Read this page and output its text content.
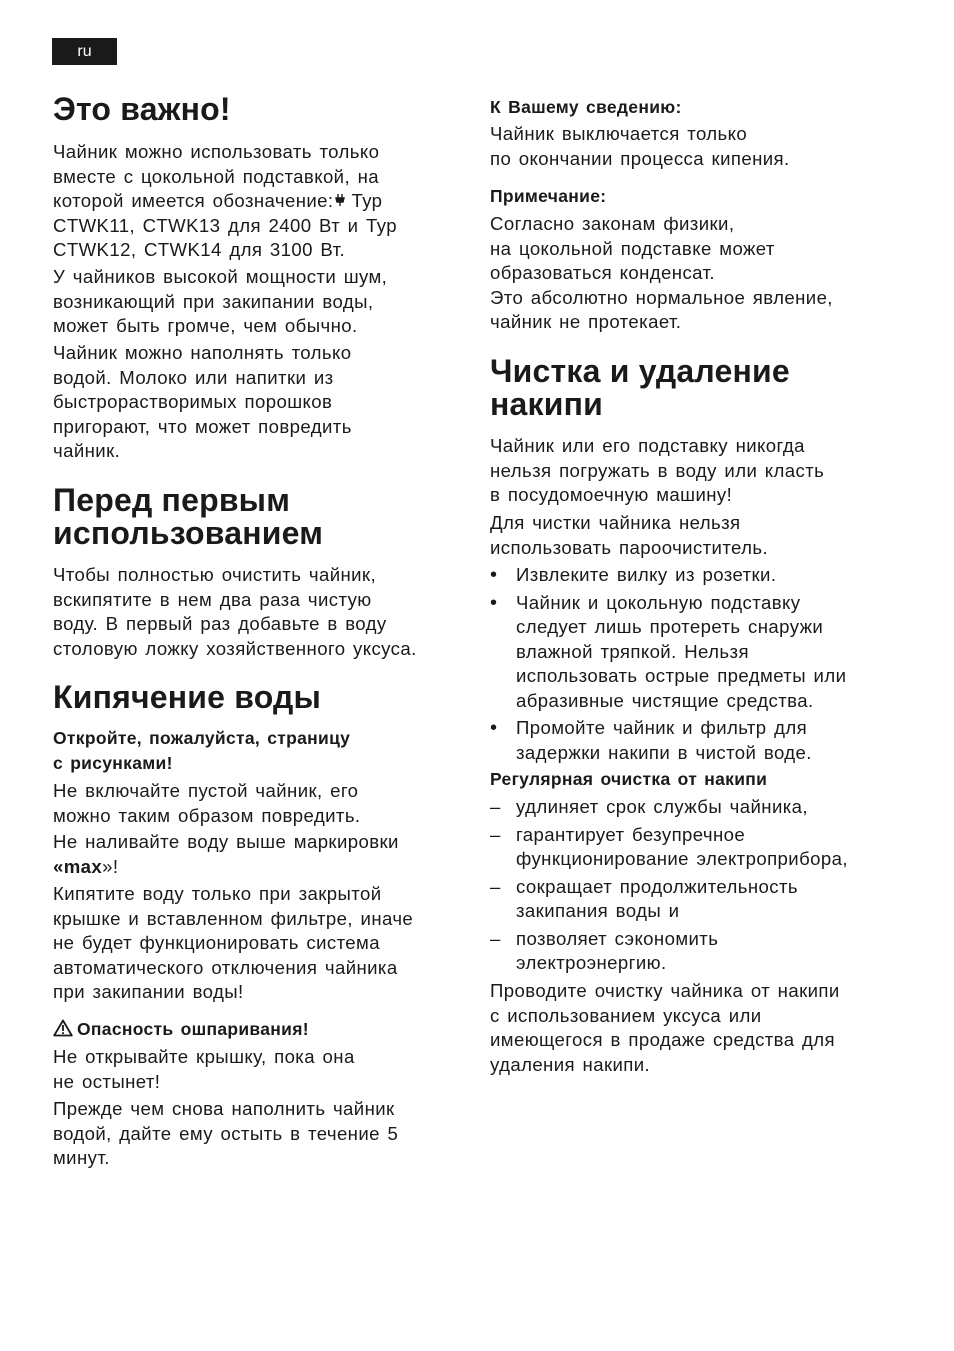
ru
Это важно!
Чайник можно использовать только
вместе с цокольной подставкой, на
которой имеется обозначение: Тур
CTWK11, CTWK13 для 2400 Вт и Тур
CTWK12, CTWK14 для 3100 Вт.
У чайников высокой мощности шум,
возникающий при закипании воды,
может быть громче, чем обычно.
Чайник можно наполнять только
водой. Молоко или напитки из
быстрорастворимых порошков
пригорают, что может повредить
чайник.
Перед первым
использованием
Чтобы полностью очистить чайник,
вскипятите в нем два раза чистую
воду. В первый раз добавьте в воду
столовую ложку хозяйственного уксуса.
Кипячение воды
Откройте, пожалуйста, страницу
с рисунками!
Не включайте пустой чайник, его
можно таким образом повредить.
Не наливайте воду выше маркировки
«max»!
Кипятите воду только при закрытой
крышке и вставленном фильтре, иначе
не будет функционировать система
автоматического отключения чайника
при закипании воды!
Опасность ошпаривания!
Не открывайте крышку, пока она
не остынет!
Прежде чем снова наполнить чайник
водой, дайте ему остыть в течение 5
минут.
К Вашему сведению:
Чайник выключается только
по окончании процесса кипения.
Примечание:
Согласно законам физики,
на цокольной подставке может
образоваться конденсат.
Это абсолютно нормальное явление,
чайник не протекает.
Чистка и удаление
накипи
Чайник или его подставку никогда
нельзя погружать в воду или класть
в посудомоечную машину!
Для чистки чайника нельзя
использовать пароочиститель.
• Извлеките вилку из розетки.
• Чайник и цокольную подставку
следует лишь протереть снаружи
влажной тряпкой. Нельзя
использовать острые предметы или
абразивные чистящие средства.
• Промойте чайник и фильтр для
задержки накипи в чистой воде.
Регулярная очистка от накипи
– удлиняет срок службы чайника,
– гарантирует безупречное
функционирование электроприбора,
– сокращает продолжительность
закипания воды и
– позволяет сэкономить
электроэнергию.
Проводите очистку чайника от накипи
с использованием уксуса или
имеющегося в продаже средства для
удаления накипи.
